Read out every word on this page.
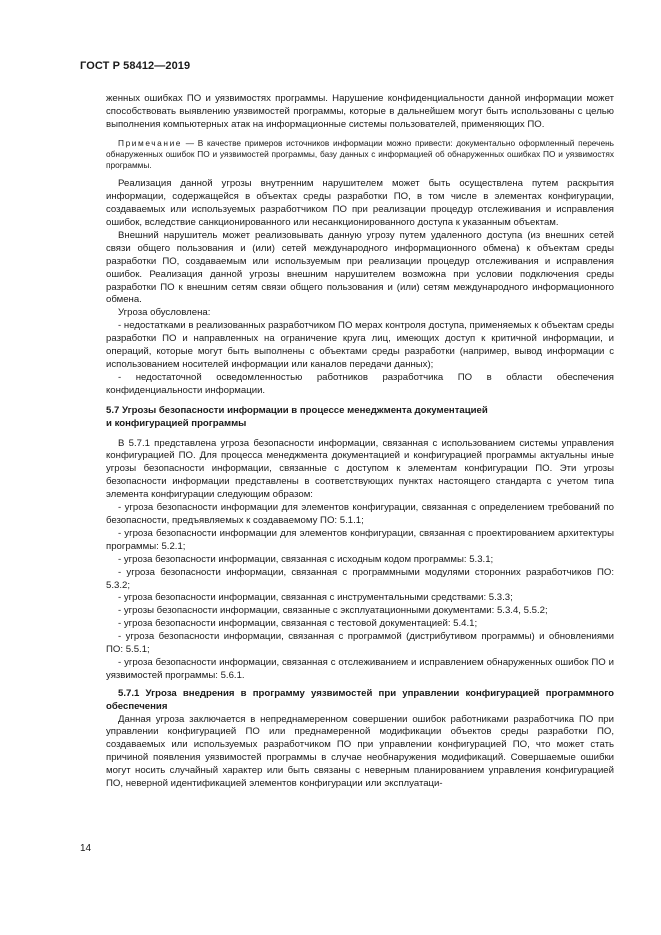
ГОСТ Р 58412—2019

женных ошибках ПО и уязвимостях программы. Нарушение конфиденциальности данной информации может способствовать выявлению уязвимостей программы, которые в дальнейшем могут быть использованы с целью выполнения компьютерных атак на информационные системы пользователей, применяющих ПО.

Примечание — В качестве примеров источников информации можно привести: документально оформленный перечень обнаруженных ошибок ПО и уязвимостей программы, базу данных с информацией об обнаруженных ошибках ПО и уязвимостях программы.

Реализация данной угрозы внутренним нарушителем может быть осуществлена путем раскрытия информации, содержащейся в объектах среды разработки ПО, в том числе в элементах конфигурации, создаваемых или используемых разработчиком ПО при реализации процедур отслеживания и исправления ошибок, вследствие санкционированного или несанкционированного доступа к указанным объектам.

Внешний нарушитель может реализовывать данную угрозу путем удаленного доступа (из внешних сетей связи общего пользования и (или) сетей международного информационного обмена) к объектам среды разработки ПО, создаваемым или используемым при реализации процедур отслеживания и исправления ошибок. Реализация данной угрозы внешним нарушителем возможна при условии подключения среды разработки ПО к внешним сетям связи общего пользования и (или) сетям международного информационного обмена.

Угроза обусловлена:

- недостатками в реализованных разработчиком ПО мерах контроля доступа, применяемых к объектам среды разработки ПО и направленных на ограничение круга лиц, имеющих доступ к критичной информации, и операций, которые могут быть выполнены с объектами среды разработки (например, вывод информации с использованием носителей информации или каналов передачи данных);

- недостаточной осведомленностью работников разработчика ПО в области обеспечения конфиденциальности информации.

5.7 Угрозы безопасности информации в процессе менеджмента документацией
и конфигурацией программы

В 5.7.1 представлена угроза безопасности информации, связанная с использованием системы управления конфигурацией ПО. Для процесса менеджмента документацией и конфигурацией программы актуальны иные угрозы безопасности информации, связанные с доступом к элементам конфигурации ПО. Эти угрозы безопасности информации представлены в соответствующих пунктах настоящего стандарта с учетом типа элемента конфигурации следующим образом:

- угроза безопасности информации для элементов конфигурации, связанная с определением требований по безопасности, предъявляемых к создаваемому ПО: 5.1.1;

- угроза безопасности информации для элементов конфигурации, связанная с проектированием архитектуры программы: 5.2.1;

- угроза безопасности информации, связанная с исходным кодом программы: 5.3.1;

- угроза безопасности информации, связанная с программными модулями сторонних разработчиков ПО: 5.3.2;

- угроза безопасности информации, связанная с инструментальными средствами: 5.3.3;

- угрозы безопасности информации, связанные с эксплуатационными документами: 5.3.4, 5.5.2;

- угроза безопасности информации, связанная с тестовой документацией: 5.4.1;

- угроза безопасности информации, связанная с программой (дистрибутивом программы) и обновлениями ПО: 5.5.1;

- угроза безопасности информации, связанная с отслеживанием и исправлением обнаруженных ошибок ПО и уязвимостей программы: 5.6.1.

5.7.1 Угроза внедрения в программу уязвимостей при управлении конфигурацией программного обеспечения

Данная угроза заключается в непреднамеренном совершении ошибок работниками разработчика ПО при управлении конфигурацией ПО или преднамеренной модификации объектов среды разработки ПО, создаваемых или используемых разработчиком ПО при управлении конфигурацией ПО, что может стать причиной появления уязвимостей программы в случае необнаружения модификаций. Совершаемые ошибки могут носить случайный характер или быть связаны с неверным планированием управления конфигурацией ПО, неверной идентификацией элементов конфигурации или эксплуатаци-

14
